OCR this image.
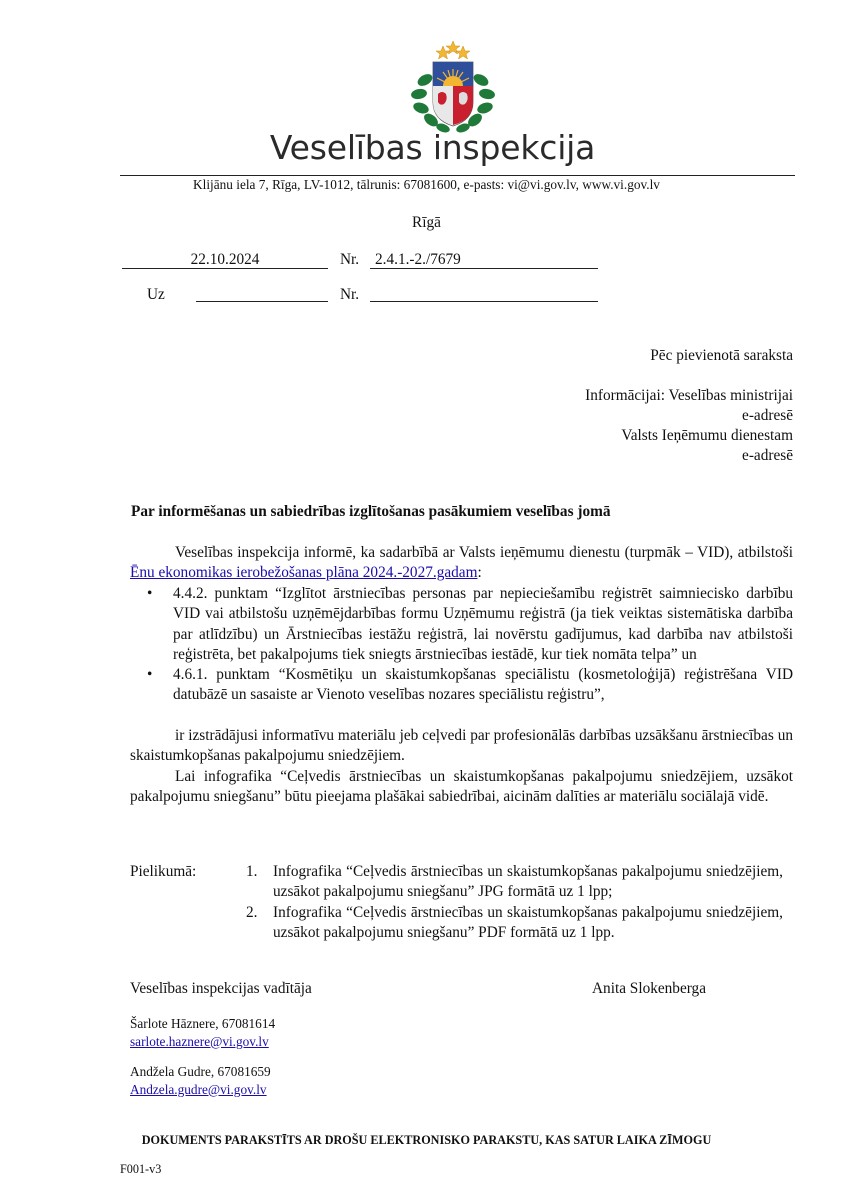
Veselības inspekcija
Klijānu iela 7, Rīga, LV-1012, tālrunis: 67081600, e-pasts: vi@vi.gov.lv, www.vi.gov.lv
Rīgā
22.10.2024	Nr. 2.4.1.-2./7679
Uz	Nr.
Pēc pievienotā saraksta
Informācijai: Veselības ministrijai
e-adresē
Valsts Ieņēmumu dienestam
e-adresē
Par informēšanas un sabiedrības izglītošanas pasākumiem veselības jomā

Veselības inspekcija informē, ka sadarbībā ar Valsts ieņēmumu dienestu (turpmāk – VID), atbilstoši Ēnu ekonomikas ierobežošanas plāna 2024.-2027.gadam:

• 4.4.2. punktam “Izglītot ārstniecības personas par nepieciešamību reģistrēt saimniecisko darbību VID vai atbilstošu uzņēmējdarbības formu Uzņēmumu reģistrā (ja tiek veiktas sistemātiska darbība par atlīdzību) un Ārstniecības iestāžu reģistrā, lai novērstu gadījumus, kad darbība nav atbilstoši reģistrēta, bet pakalpojums tiek sniegts ārstniecības iestādē, kur tiek nomāta telpa” un
• 4.6.1. punktam “Kosmētiķu un skaistumkopšanas speciālistu (kosmetoloģijā) reģistrēšana VID datubāzē un sasaiste ar Vienoto veselības nozares speciālistu reģistru”,

ir izstrādājusi informatīvu materiālu jeb ceļvedi par profesionālās darbības uzsākšanu ārstniecības un skaistumkopšanas pakalpojumu sniedzējiem.

Lai infografika “Ceļvedis ārstniecības un skaistumkopšanas pakalpojumu sniedzējiem, uzsākot pakalpojumu sniegšanu” būtu pieejama plašākai sabiedrībai, aicinām dalīties ar materiālu sociālajā vidē.

Pielikumā:	1. Infografika “Ceļvedis ārstniecības un skaistumkopšanas pakalpojumu sniedzējiem, uzsākot pakalpojumu sniegšanu” JPG formātā uz 1 lpp;
2. Infografika “Ceļvedis ārstniecības un skaistumkopšanas pakalpojumu sniedzējiem, uzsākot pakalpojumu sniegšanu” PDF formātā uz 1 lpp.
Veselības inspekcijas vadītāja	Anita Slokenberga
Šarlote Hāznere, 67081614
sarlote.haznere@vi.gov.lv
Andžela Gudre, 67081659
Andzela.gudre@vi.gov.lv
DOKUMENTS PARAKSTĪTS AR DROŠU ELEKTRONISKO PARAKSTU, KAS SATUR LAIKA ZĪMOGU
F001-v3
